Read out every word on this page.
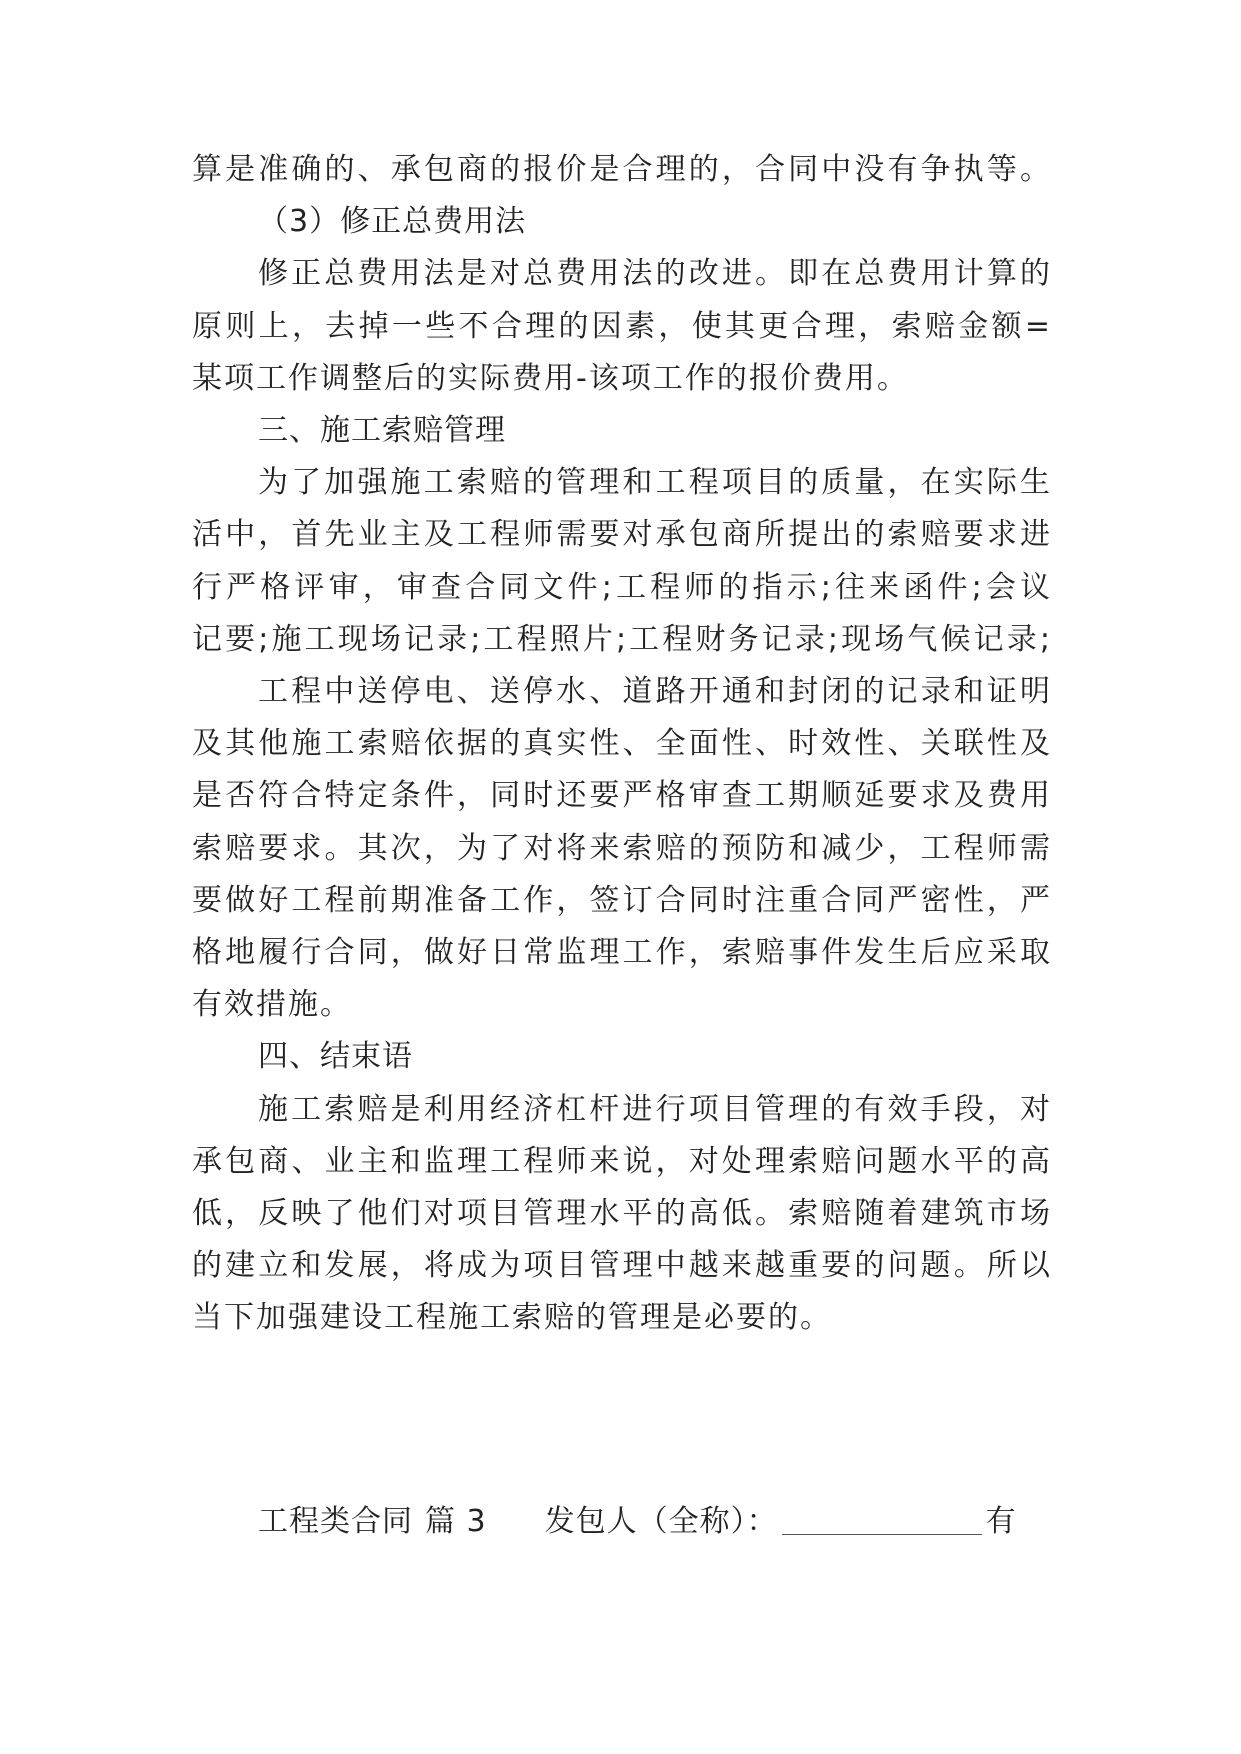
算是准确的、承包商的报价是合理的，合同中没有争执等。
（3）修正总费用法
修正总费用法是对总费用法的改进。即在总费用计算的
原则上，去掉一些不合理的因素，使其更合理，索赔金额=
某项工作调整后的实际费用-该项工作的报价费用。
三、施工索赔管理
为了加强施工索赔的管理和工程项目的质量，在实际生
活中，首先业主及工程师需要对承包商所提出的索赔要求进
行严格评审，审查合同文件;工程师的指示;往来函件;会议
记要;施工现场记录;工程照片;工程财务记录;现场气候记录;
工程中送停电、送停水、道路开通和封闭的记录和证明
及其他施工索赔依据的真实性、全面性、时效性、关联性及
是否符合特定条件，同时还要严格审查工期顺延要求及费用
索赔要求。其次，为了对将来索赔的预防和减少，工程师需
要做好工程前期准备工作，签订合同时注重合同严密性，严
格地履行合同，做好日常监理工作，索赔事件发生后应采取
有效措施。
四、结束语
施工索赔是利用经济杠杆进行项目管理的有效手段，对
承包商、业主和监理工程师来说，对处理索赔问题水平的高
低，反映了他们对项目管理水平的高低。索赔随着建筑市场
的建立和发展，将成为项目管理中越来越重要的问题。所以
当下加强建设工程施工索赔的管理是必要的。
工程类合同 篇 3 发包人（全称）：	有
